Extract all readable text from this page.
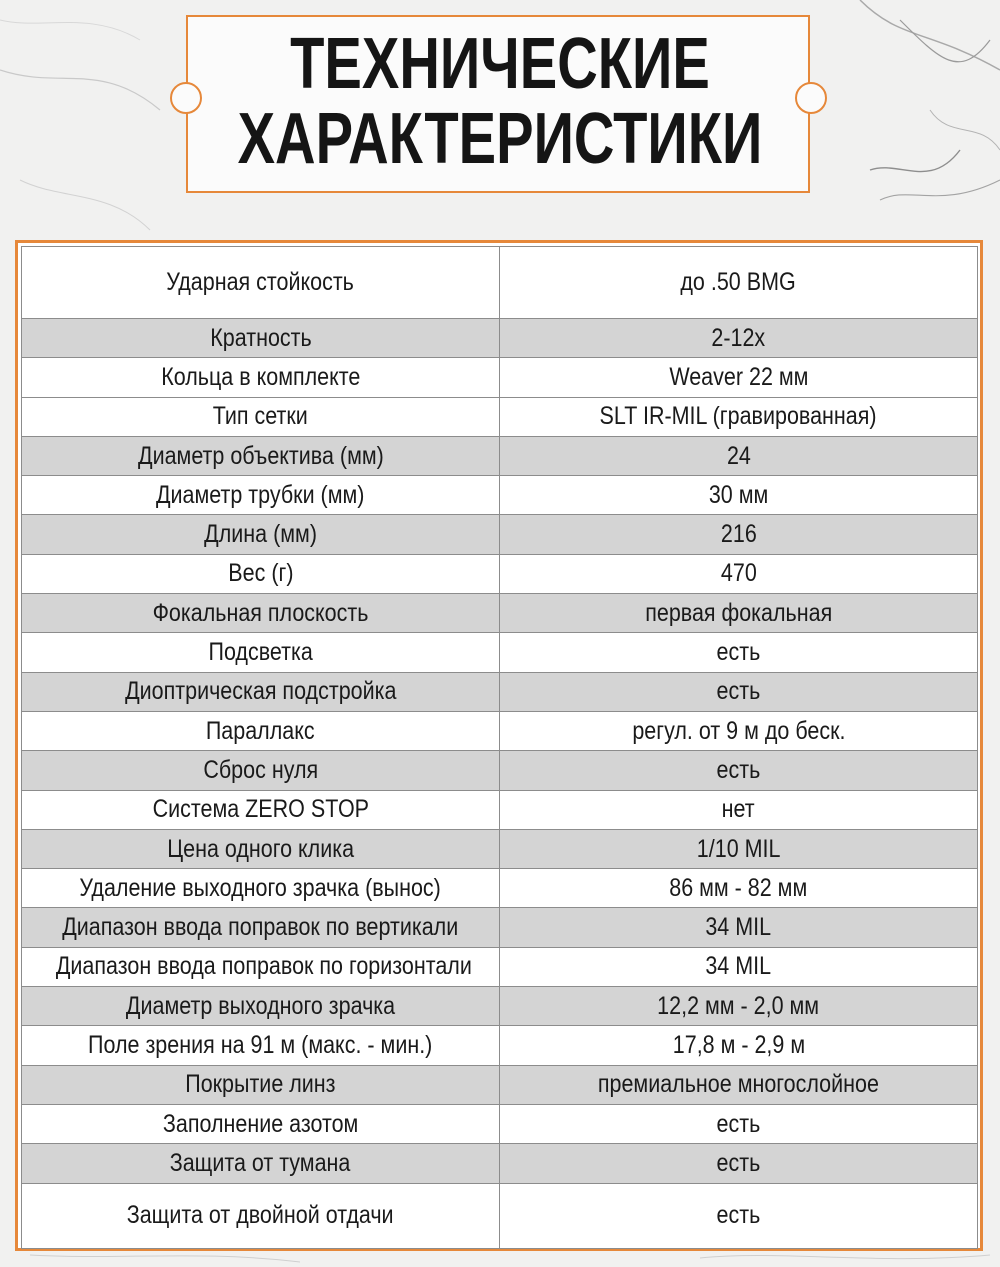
ТЕХНИЧЕСКИЕ
ХАРАКТЕРИСТИКИ
Ударная стойкость	до .50 BMG
Кратность	2-12x
Кольца в комплекте	Weaver 22 мм
Тип сетки	SLT IR-MIL (гравированная)
Диаметр объектива (мм)	24
Диаметр трубки (мм)	30 мм
Длина (мм)	216
Вес (г)	470
Фокальная плоскость	первая фокальная
Подсветка	есть
Диоптрическая подстройка	есть
Параллакс	регул. от 9 м до беск.
Сброс нуля	есть
Система ZERO STOP	нет
Цена одного клика	1/10 MIL
Удаление выходного зрачка (вынос)	86 мм - 82 мм
Диапазон ввода поправок по вертикали	34 MIL
Диапазон ввода поправок по горизонтали	34 MIL
Диаметр выходного зрачка	12,2 мм - 2,0 мм
Поле зрения на 91 м (макс. - мин.)	17,8 м - 2,9 м
Покрытие линз	премиальное многослойное
Заполнение азотом	есть
Защита от тумана	есть
Защита от двойной отдачи	есть
